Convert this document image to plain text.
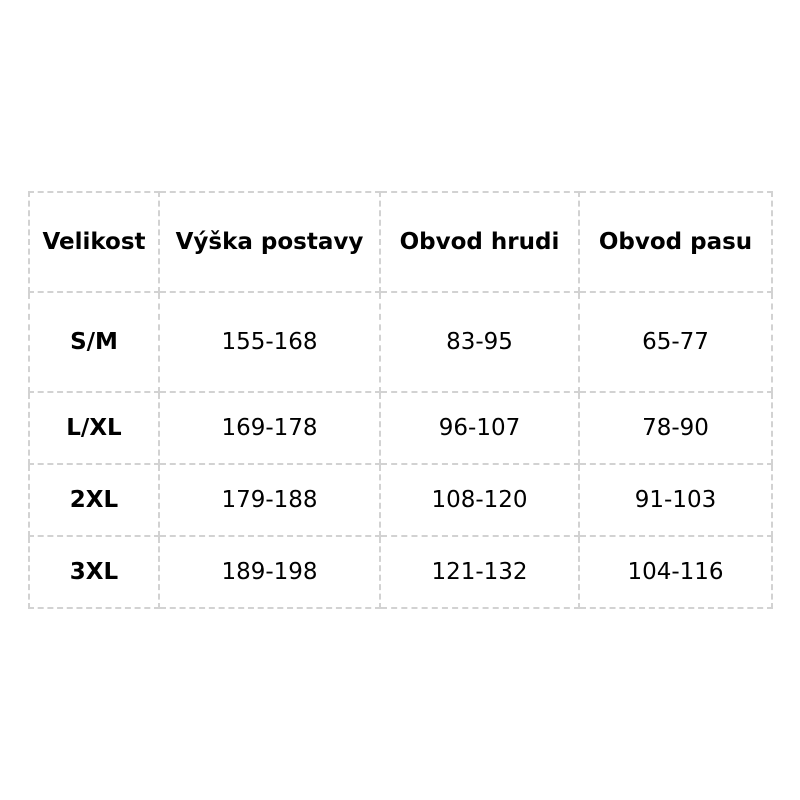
Velikost	Výška postavy	Obvod hrudi	Obvod pasu
S/M	155-168	83-95	65-77
L/XL	169-178	96-107	78-90
2XL	179-188	108-120	91-103
3XL	189-198	121-132	104-116
